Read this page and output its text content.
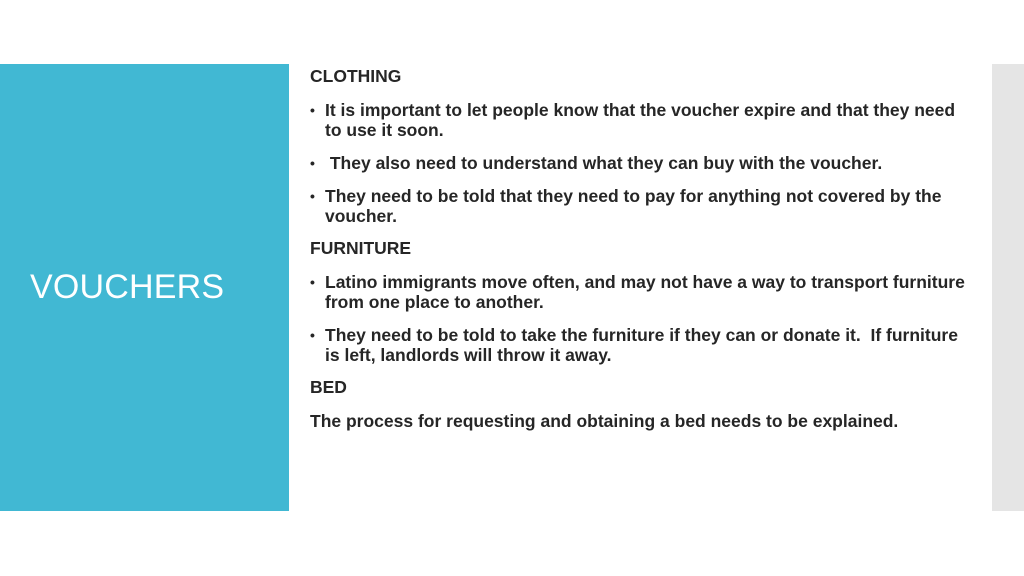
VOUCHERS
CLOTHING
• It is important to let people know that the voucher expire and that they need to use it soon.
• They also need to understand what they can buy with the voucher.
• They need to be told that they need to pay for anything not covered by the voucher.
FURNITURE
• Latino immigrants move often, and may not have a way to transport furniture from one place to another.
• They need to be told to take the furniture if they can or donate it.  If furniture is left, landlords will throw it away.
BED
The process for requesting and obtaining a bed needs to be explained.
